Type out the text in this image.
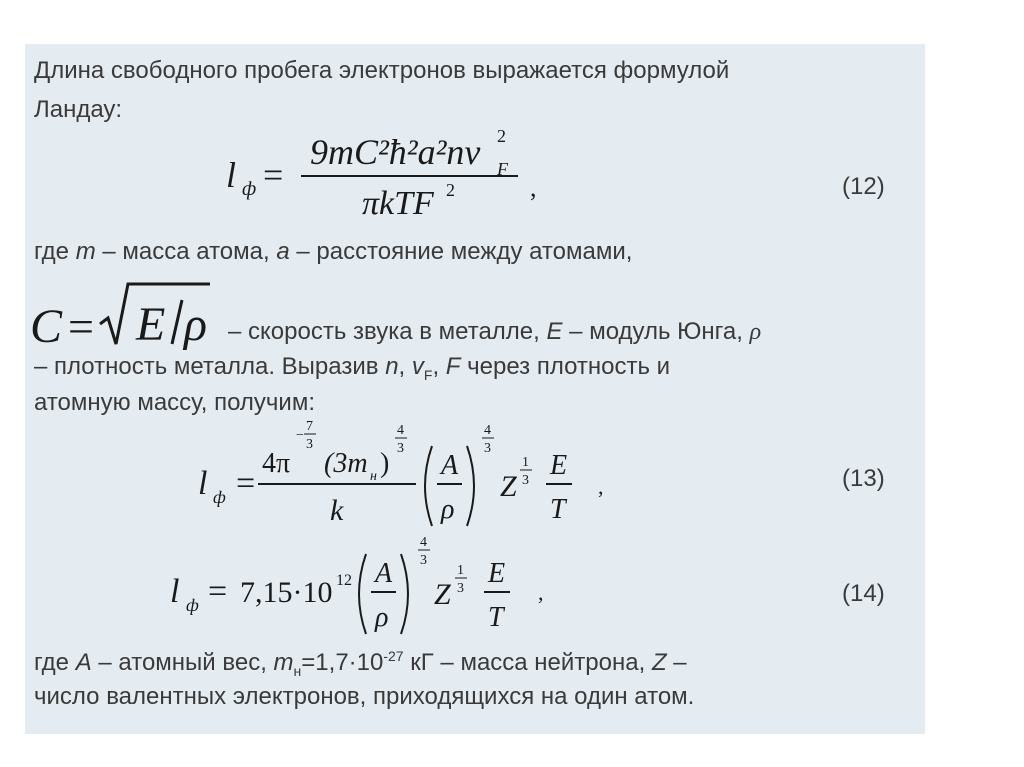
Длина свободного пробега электронов выражается формулой
Ландау:
l ф =
9mC²ħ²a²nv F
2
πkTF 2	,	(12)
где m – масса атома, a – расстояние между атомами,
C = E ρ – скорость звука в металле, E – модуль Юнга, ρ
– плотность металла. Выразив n, $v_F$, F через плотность и
атомную массу, получим:
l ф =
4π
−
7
3
(3m н )
4
3
k
A
ρ
4
3
Z
1
3 E
T
,	(13)
l ф = 7,15·10 12 A
ρ
4
3
Z
1
3 E
T
,	(14)
где A – атомный вес, $m_н=1,7\cdot 10^{-27}$ кГ – масса нейтрона, Z –
число валентных электронов, приходящихся на один атом.
